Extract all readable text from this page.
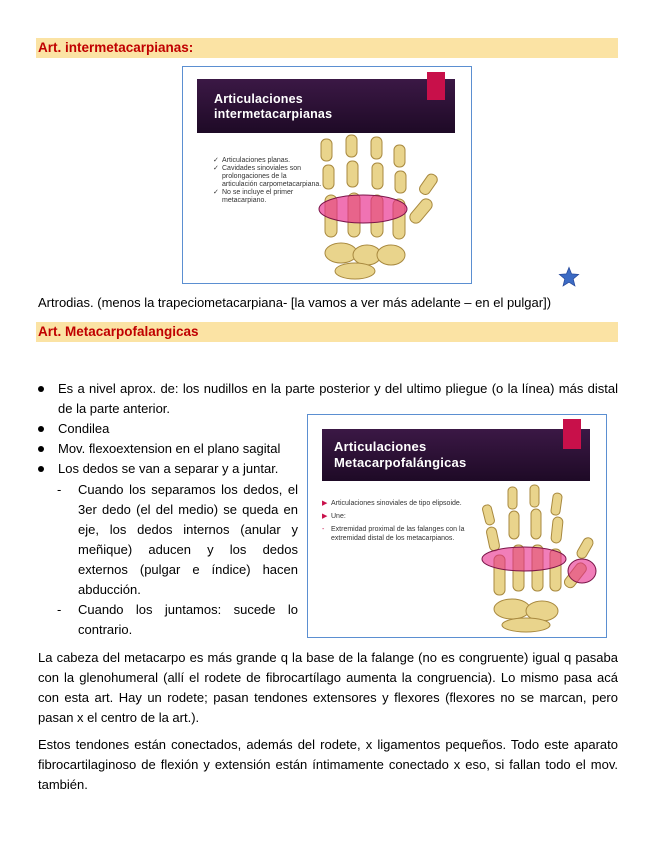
Art. intermetacarpianas:
Articulaciones
intermetacarpianas
✓ Articulaciones planas.
✓ Cavidades sinoviales son prolongaciones de la articulación carpometacarpiana.
✓ No se incluye el primer metacarpiano.
Artrodias. (menos la trapeciometacarpiana- [la vamos a ver más adelante – en el pulgar])
Art. Metacarpofalangicas
Es a nivel aprox. de: los nudillos en la parte posterior y del ultimo pliegue (o la línea) más distal de la parte anterior.
Condilea
Mov. flexoextension en el plano sagital
Los dedos se van a separar y a juntar.
- Cuando los separamos los dedos, el 3er dedo (el del medio) se queda en eje, los dedos internos (anular y meñique) aducen y los dedos externos (pulgar e índice) hacen abducción.
- Cuando los juntamos: sucede lo contrario.
Articulaciones
Metacarpofalángicas
▶ Articulaciones sinoviales de tipo elipsoide.
▶ Une:
- Extremidad proximal de las falanges con la extremidad distal de los metacarpianos.
La cabeza del metacarpo es más grande q la base de la falange (no es congruente) igual q pasaba con la glenohumeral (allí el rodete de fibrocartílago aumenta la congruencia). Lo mismo pasa acá con esta art. Hay un rodete; pasan tendones extensores y flexores (flexores no se marcan, pero pasan x el centro de la art.).
Estos tendones están conectados, además del rodete, x ligamentos pequeños. Todo este aparato fibrocartilaginoso de flexión y extensión están íntimamente conectado x eso, si fallan todo el mov. también.
